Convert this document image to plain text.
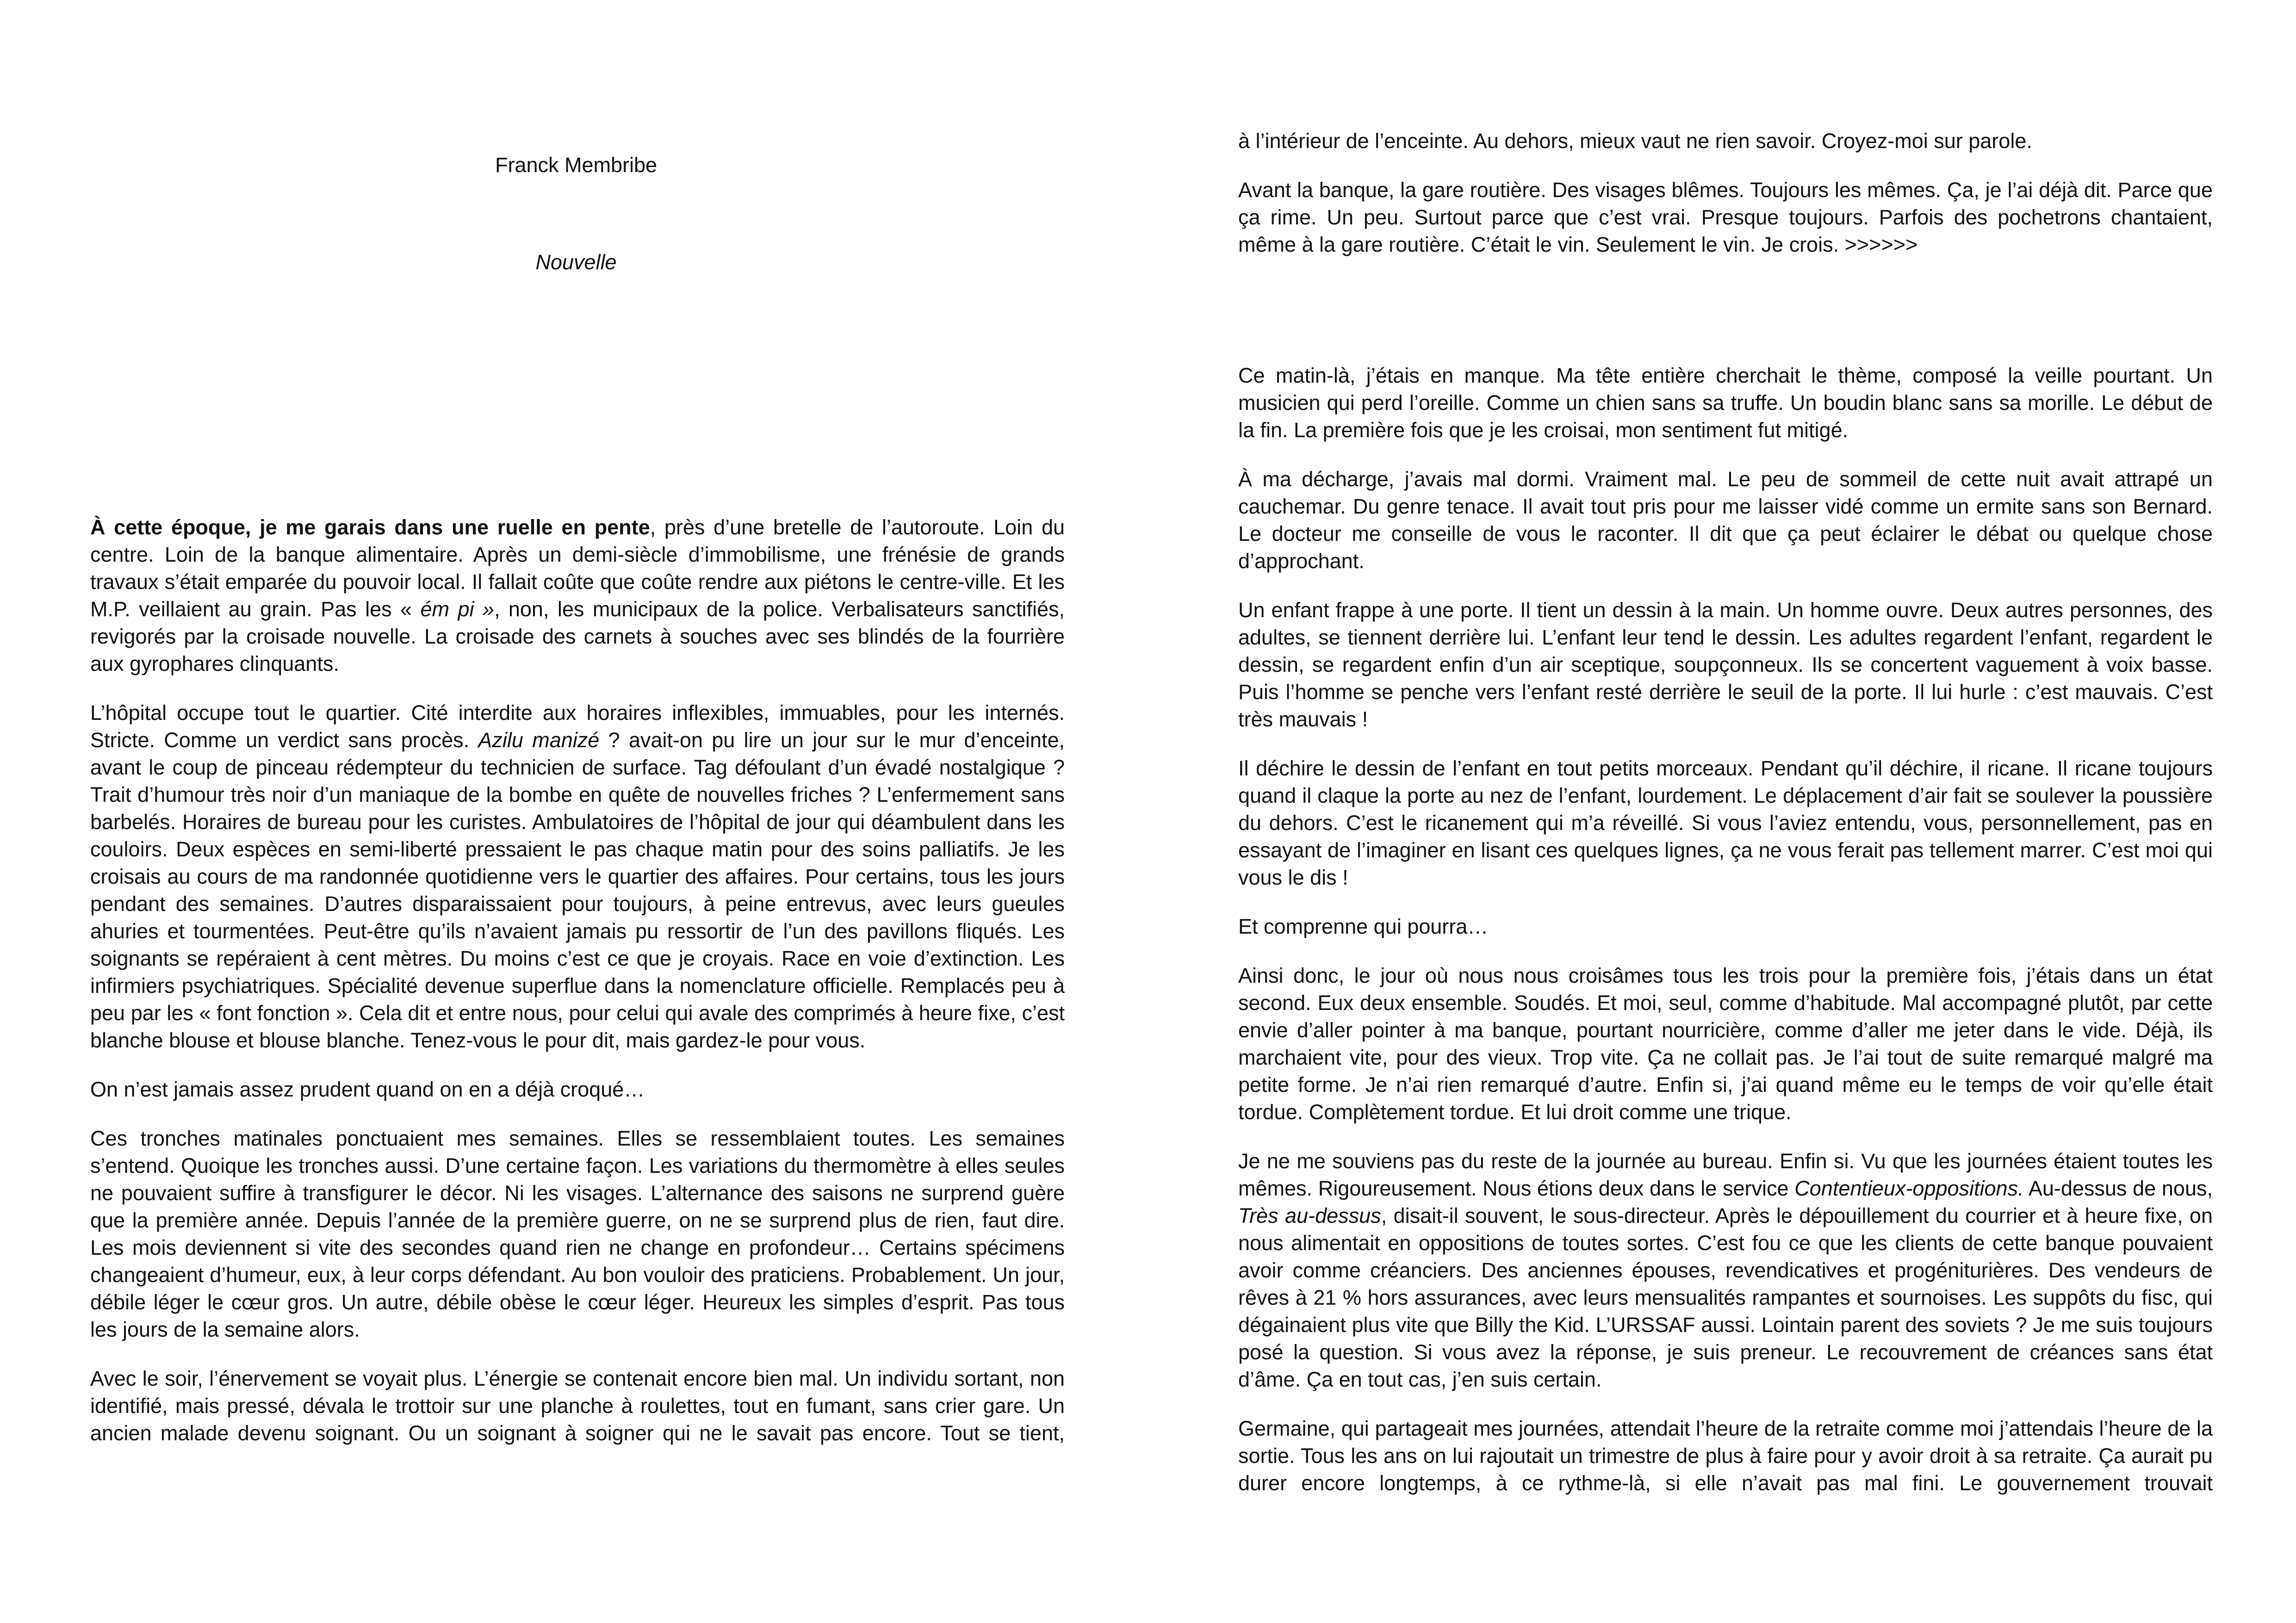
Franck Membribe

Nouvelle

À cette époque, je me garais dans une ruelle en pente, près d’une bretelle de l’autoroute. Loin du centre. Loin de la banque alimentaire. Après un demi-siècle d’immobilisme, une frénésie de grands travaux s’était emparée du pouvoir local. Il fallait coûte que coûte rendre aux piétons le centre-ville. Et les M.P. veillaient au grain. Pas les « ém pi », non, les municipaux de la police. Verbalisateurs sanctifiés, revigorés par la croisade nouvelle. La croisade des carnets à souches avec ses blindés de la fourrière aux gyrophares clinquants.

L’hôpital occupe tout le quartier. Cité interdite aux horaires inflexibles, immuables, pour les internés. Stricte. Comme un verdict sans procès. Azilu manizé ? avait-on pu lire un jour sur le mur d’enceinte, avant le coup de pinceau rédempteur du technicien de surface. Tag défoulant d’un évadé nostalgique ? Trait d’humour très noir d’un maniaque de la bombe en quête de nouvelles friches ? L’enfermement sans barbelés. Horaires de bureau pour les curistes. Ambulatoires de l’hôpital de jour qui déambulent dans les couloirs. Deux espèces en semi-liberté pressaient le pas chaque matin pour des soins palliatifs. Je les croisais au cours de ma randonnée quotidienne vers le quartier des affaires. Pour certains, tous les jours pendant des semaines. D’autres disparaissaient pour toujours, à peine entrevus, avec leurs gueules ahuries et tourmentées. Peut-être qu’ils n’avaient jamais pu ressortir de l’un des pavillons fliqués. Les soignants se repéraient à cent mètres. Du moins c’est ce que je croyais. Race en voie d’extinction. Les infirmiers psychiatriques. Spécialité devenue superflue dans la nomenclature officielle. Remplacés peu à peu par les « font fonction ». Cela dit et entre nous, pour celui qui avale des comprimés à heure fixe, c’est blanche blouse et blouse blanche. Tenez-vous le pour dit, mais gardez-le pour vous.

On n’est jamais assez prudent quand on en a déjà croqué…

Ces tronches matinales ponctuaient mes semaines. Elles se ressemblaient toutes. Les semaines s’entend. Quoique les tronches aussi. D’une certaine façon. Les variations du thermomètre à elles seules ne pouvaient suffire à transfigurer le décor. Ni les visages. L’alternance des saisons ne surprend guère que la première année. Depuis l’année de la première guerre, on ne se surprend plus de rien, faut dire. Les mois deviennent si vite des secondes quand rien ne change en profondeur… Certains spécimens changeaient d’humeur, eux, à leur corps défendant. Au bon vouloir des praticiens. Probablement. Un jour, débile léger le cœur gros. Un autre, débile obèse le cœur léger. Heureux les simples d’esprit. Pas tous les jours de la semaine alors.

Avec le soir, l’énervement se voyait plus. L’énergie se contenait encore bien mal. Un individu sortant, non identifié, mais pressé, dévala le trottoir sur une planche à roulettes, tout en fumant, sans crier gare. Un ancien malade devenu soignant. Ou un soignant à soigner qui ne le savait pas encore. Tout se tient,

à l’intérieur de l’enceinte. Au dehors, mieux vaut ne rien savoir. Croyez-moi sur parole.

Avant la banque, la gare routière. Des visages blêmes. Toujours les mêmes. Ça, je l’ai déjà dit. Parce que ça rime. Un peu. Surtout parce que c’est vrai. Presque toujours. Parfois des pochetrons chantaient, même à la gare routière. C’était le vin. Seulement le vin. Je crois. >>>>>>

Ce matin-là, j’étais en manque. Ma tête entière cherchait le thème, composé la veille pourtant. Un musicien qui perd l’oreille. Comme un chien sans sa truffe. Un boudin blanc sans sa morille. Le début de la fin. La première fois que je les croisai, mon sentiment fut mitigé.

À ma décharge, j’avais mal dormi. Vraiment mal. Le peu de sommeil de cette nuit avait attrapé un cauchemar. Du genre tenace. Il avait tout pris pour me laisser vidé comme un ermite sans son Bernard. Le docteur me conseille de vous le raconter. Il dit que ça peut éclairer le débat ou quelque chose d’approchant.

Un enfant frappe à une porte. Il tient un dessin à la main. Un homme ouvre. Deux autres personnes, des adultes, se tiennent derrière lui. L’enfant leur tend le dessin. Les adultes regardent l’enfant, regardent le dessin, se regardent enfin d’un air sceptique, soupçonneux. Ils se concertent vaguement à voix basse. Puis l’homme se penche vers l’enfant resté derrière le seuil de la porte. Il lui hurle : c’est mauvais. C’est très mauvais !

Il déchire le dessin de l’enfant en tout petits morceaux. Pendant qu’il déchire, il ricane. Il ricane toujours quand il claque la porte au nez de l’enfant, lourdement. Le déplacement d’air fait se soulever la poussière du dehors. C’est le ricanement qui m’a réveillé. Si vous l’aviez entendu, vous, personnellement, pas en essayant de l’imaginer en lisant ces quelques lignes, ça ne vous ferait pas tellement marrer. C’est moi qui vous le dis !

Et comprenne qui pourra…

Ainsi donc, le jour où nous nous croisâmes tous les trois pour la première fois, j’étais dans un état second. Eux deux ensemble. Soudés. Et moi, seul, comme d’habitude. Mal accompagné plutôt, par cette envie d’aller pointer à ma banque, pourtant nourricière, comme d’aller me jeter dans le vide. Déjà, ils marchaient vite, pour des vieux. Trop vite. Ça ne collait pas. Je l’ai tout de suite remarqué malgré ma petite forme. Je n’ai rien remarqué d’autre. Enfin si, j’ai quand même eu le temps de voir qu’elle était tordue. Complètement tordue. Et lui droit comme une trique.

Je ne me souviens pas du reste de la journée au bureau. Enfin si. Vu que les journées étaient toutes les mêmes. Rigoureusement. Nous étions deux dans le service Contentieux-oppositions. Au-dessus de nous, Très au-dessus, disait-il souvent, le sous-directeur. Après le dépouillement du courrier et à heure fixe, on nous alimentait en oppositions de toutes sortes. C’est fou ce que les clients de cette banque pouvaient avoir comme créanciers. Des anciennes épouses, revendicatives et progéniturières. Des vendeurs de rêves à 21 % hors assurances, avec leurs mensualités rampantes et sournoises. Les suppôts du fisc, qui dégainaient plus vite que Billy the Kid. L’URSSAF aussi. Lointain parent des soviets ? Je me suis toujours posé la question. Si vous avez la réponse, je suis preneur. Le recouvrement de créances sans état d’âme. Ça en tout cas, j’en suis certain.

Germaine, qui partageait mes journées, attendait l’heure de la retraite comme moi j’attendais l’heure de la sortie. Tous les ans on lui rajoutait un trimestre de plus à faire pour y avoir droit à sa retraite. Ça aurait pu durer encore longtemps, à ce rythme-là, si elle n’avait pas mal fini. Le gouvernement trouvait
